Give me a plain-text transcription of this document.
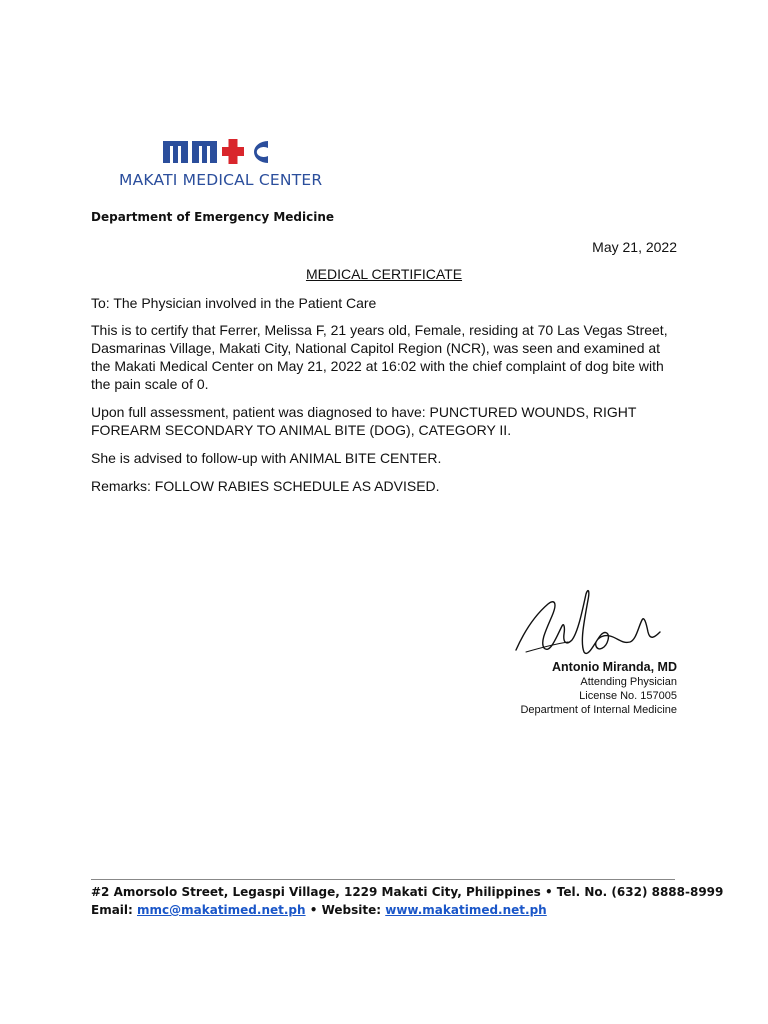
MAKATI MEDICAL CENTER
Department of Emergency Medicine
May 21, 2022
MEDICAL CERTIFICATE
To: The Physician involved in the Patient Care
This is to certify that Ferrer, Melissa F, 21 years old, Female, residing at 70 Las Vegas Street, Dasmarinas Village, Makati City, National Capitol Region (NCR), was seen and examined at the Makati Medical Center on May 21, 2022 at 16:02 with the chief complaint of dog bite with the pain scale of 0.
Upon full assessment, patient was diagnosed to have: PUNCTURED WOUNDS, RIGHT FOREARM SECONDARY TO ANIMAL BITE (DOG), CATEGORY II.
She is advised to follow-up with ANIMAL BITE CENTER.
Remarks: FOLLOW RABIES SCHEDULE AS ADVISED.
Antonio Miranda, MD
Attending Physician
License No. 157005
Department of Internal Medicine
#2 Amorsolo Street, Legaspi Village, 1229 Makati City, Philippines • Tel. No. (632) 8888-8999
Email: mmc@makatimed.net.ph • Website: www.makatimed.net.ph
